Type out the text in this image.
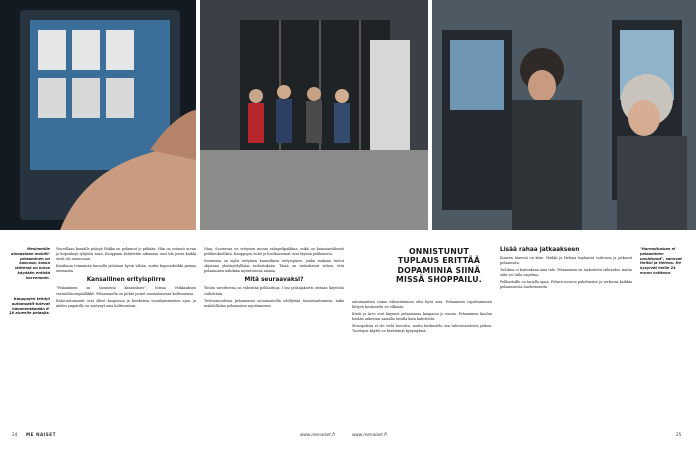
Mesimmille ainoastaan mobiili-pelaaminen on kasvusa; koska lähtemä on kuiva käydään entistä harvemmin.
Kauppojen tehdyt automaatit tulevat hämmentämään K-18 alueelle pelaajia.
"Harmoituskan ei pelaaminen unohtunut", sanovat Heikki ja Helena. He kysyivät heille 24 euron voittoon.

Vuorollaan kassalle pääsyä Riikka on pelannut jo pitkään. Hän on ostanut arvan ja kuponkejä tyhjiöön saan. Kauppaan kehitettiin aikanaan uusi tila joista kaikki eivät ole innoissaan.

Kesäkuun toiminnan kassalla pelataan hyvin vähän, mutta kupoonkeikki painaa enemmän.

Kansallinen erityispiirre

"Pelaaminen on Suomessa kansanhuvi", toteaa Veikkauksen vastuullisuuspäällikkö. Pelaamisella on pitkät juuret suomalaisessa kulttuurissa.

Raha-automaatit ovat olleet kaupoissa ja kioskeissa vuosikymmenten ajan, ja niiden ympärille on syntynyt oma kulttuurinsa.

Nian, Suomessa on erityisen monta rahapelipaikkaa, mikä on kansainvälisesti poikkeuksellista. Kauppojen aulat ja huoltoasemat ovat täynnä pelikoneita.

Suomessa on myös erityinen kansallinen erityispiirre, jonka mukaan tuotot ohjataan yleishyödyllisiin tarkoituksiin. Tämä on vaikuttanut siihen, että pelaaminen nähdään myönteisenä asiana.

Mitä seuraavaksi?

Yhtiön tavoitteena on vähentää pelihaittoja. Uusi pelaajakortti otetaan käyttöön vaiheittain.

Tulevaisuudessa pelaaminen automaateilla edellyttää tunnistautumista, mikä mahdollistaa pelaamisen rajoittamisen.

ONNISTUNUT TUPLAUS ERITTÄÄ DOPAMIINIA SIINÄ MISSÄ SHOPPAILU.

automaattien roima vähentäminen olisi hyvä asia. Pelaamisen rajoittamiseen liittyvä keskustelu on vilkasta.

Kirsti ja Arvo ovat käyneet pelaamassa kaupassa jo vuosia. Pelaaminen kuuluu heidän arkeensa samalla tavalla kuin kahvittelu.

Monopolista ei ole vielä luovuttu, mutta keskustelu sen tulevaisuudesta jatkuu. Tuottojen käyttö on herättänyt kysymyksiä.

Lisää rahaa jatkaakseen

Koneen ääressä on kiire. Heikki ja Helena tuplaavat voittonsa ja jatkavat pelaamista.

Tuloksia ei kuitenkaan aina tule. Pelaaminen on tarkoitettu viihteeksi, mutta siitä voi tulla ongelma.

Pelihaitoille on tarjolla apua. Peluuri neuvoo puhelimitse ja verkossa kaikkia pelaamisesta huolestuneita.

24 ME NAISET	www.menaiset.fi	www.menaiset.fi	25
